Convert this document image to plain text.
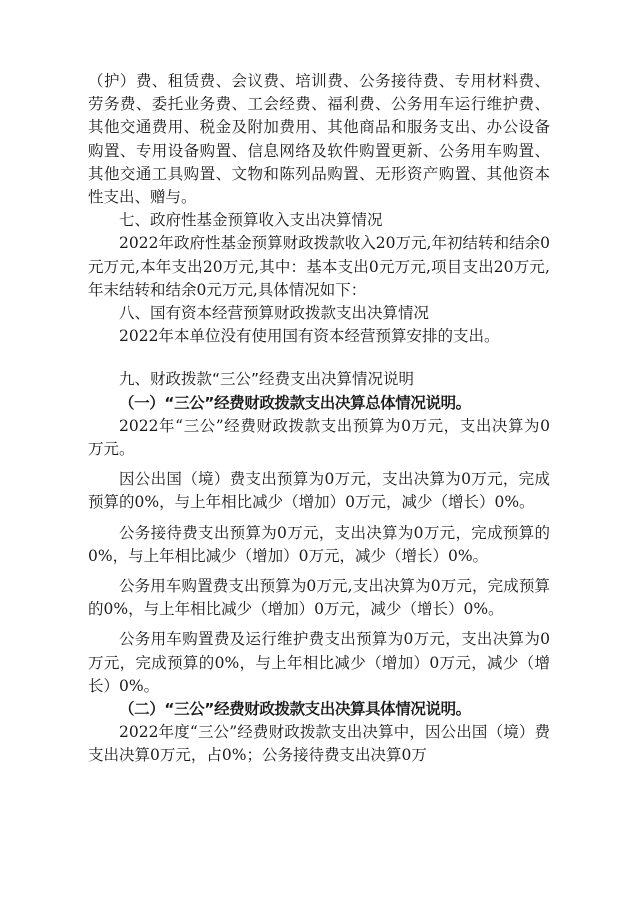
（护）费、租赁费、会议费、培训费、公务接待费、专用材料费、劳务费、委托业务费、工会经费、福利费、公务用车运行维护费、其他交通费用、税金及附加费用、其他商品和服务支出、办公设备购置、专用设备购置、信息网络及软件购置更新、公务用车购置、其他交通工具购置、文物和陈列品购置、无形资产购置、其他资本性支出、赠与。

七、政府性基金预算收入支出决算情况

2022年政府性基金预算财政拨款收入20万元,年初结转和结余0元万元,本年支出20万元,其中：基本支出0元万元,项目支出20万元,年末结转和结余0元万元,具体情况如下：

八、国有资本经营预算财政拨款支出决算情况

2022年本单位没有使用国有资本经营预算安排的支出。

九、财政拨款“三公”经费支出决算情况说明

（一）“三公”经费财政拨款支出决算总体情况说明。

2022年“三公”经费财政拨款支出预算为0万元，支出决算为0万元。

因公出国（境）费支出预算为0万元，支出决算为0万元，完成预算的0%，与上年相比减少（增加）0万元，减少（增长）0%。

公务接待费支出预算为0万元，支出决算为0万元，完成预算的0%，与上年相比减少（增加）0万元，减少（增长）0%。

公务用车购置费支出预算为0万元,支出决算为0万元，完成预算的0%，与上年相比减少（增加）0万元，减少（增长）0%。

公务用车购置费及运行维护费支出预算为0万元，支出决算为0万元，完成预算的0%，与上年相比减少（增加）0万元，减少（增长）0%。

（二）“三公”经费财政拨款支出决算具体情况说明。

2022年度“三公”经费财政拨款支出决算中，因公出国（境）费支出决算0万元，占0%；公务接待费支出决算0万
